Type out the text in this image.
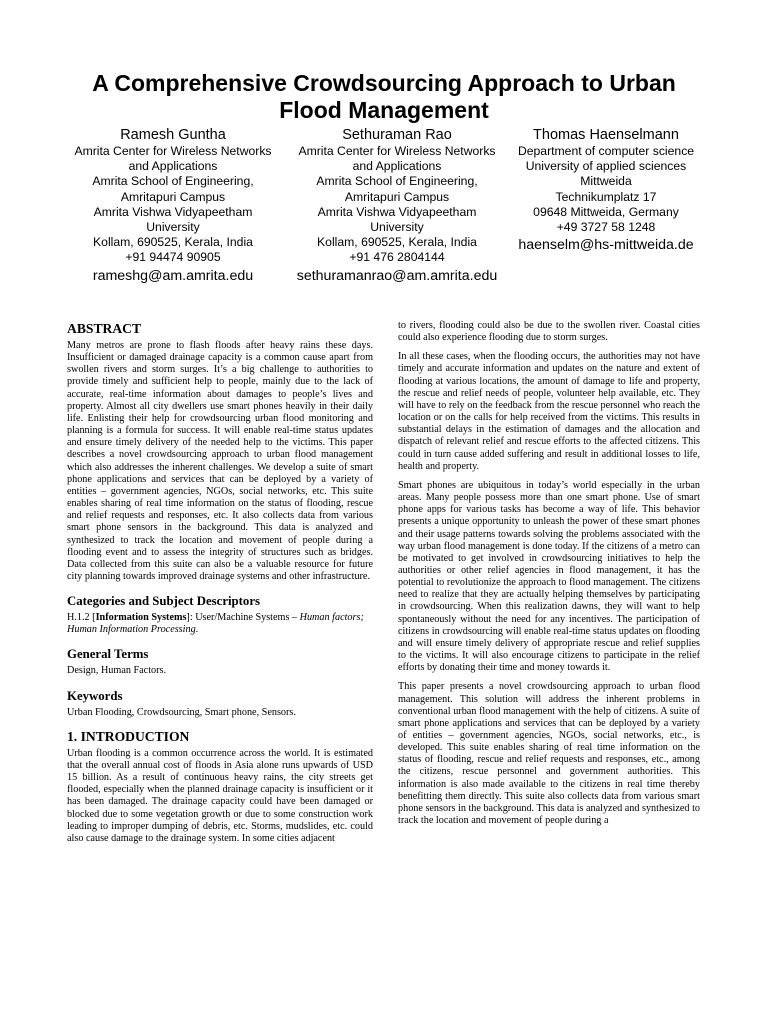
A Comprehensive Crowdsourcing Approach to Urban
Flood Management
Ramesh Guntha
Amrita Center for Wireless Networks
and Applications
Amrita School of Engineering,
Amritapuri Campus
Amrita Vishwa Vidyapeetham
University
Kollam, 690525, Kerala, India
+91 94474 90905
rameshg@am.amrita.edu
Sethuraman Rao
Amrita Center for Wireless Networks
and Applications
Amrita School of Engineering,
Amritapuri Campus
Amrita Vishwa Vidyapeetham
University
Kollam, 690525, Kerala, India
+91 476 2804144
sethuramanrao@am.amrita.edu
Thomas Haenselmann
Department of computer science
University of applied sciences
Mittweida
Technikumplatz 17
09648 Mittweida, Germany
+49 3727 58 1248
haenselm@hs-mittweida.de
ABSTRACT

Many metros are prone to flash floods after heavy rains these days. Insufficient or damaged drainage capacity is a common cause apart from swollen rivers and storm surges. It’s a big challenge to authorities to provide timely and sufficient help to people, mainly due to the lack of accurate, real-time information about damages to people’s lives and property. Almost all city dwellers use smart phones heavily in their daily life. Enlisting their help for crowdsourcing urban flood monitoring and planning is a formula for success. It will enable real-time status updates and ensure timely delivery of the needed help to the victims. This paper describes a novel crowdsourcing approach to urban flood management which also addresses the inherent challenges. We develop a suite of smart phone applications and services that can be deployed by a variety of entities – government agencies, NGOs, social networks, etc. This suite enables sharing of real time information on the status of flooding, rescue and relief requests and responses, etc. It also collects data from various smart phone sensors in the background. This data is analyzed and synthesized to track the location and movement of people during a flooding event and to assess the integrity of structures such as bridges. Data collected from this suite can also be a valuable resource for future city planning towards improved drainage systems and other infrastructure.

Categories and Subject Descriptors

H.1.2 [Information Systems]: User/Machine Systems – Human factors; Human Information Processing.

General Terms

Design, Human Factors.

Keywords

Urban Flooding, Crowdsourcing, Smart phone, Sensors.

1. INTRODUCTION

Urban flooding is a common occurrence across the world. It is estimated that the overall annual cost of floods in Asia alone runs upwards of USD 15 billion. As a result of continuous heavy rains, the city streets get flooded, especially when the planned drainage capacity is insufficient or it has been damaged. The drainage capacity could have been damaged or blocked due to some vegetation growth or due to some construction work leading to improper dumping of debris, etc. Storms, mudslides, etc. could also cause damage to the drainage system. In some cities adjacent

to rivers, flooding could also be due to the swollen river. Coastal cities could also experience flooding due to storm surges.

In all these cases, when the flooding occurs, the authorities may not have timely and accurate information and updates on the nature and extent of flooding at various locations, the amount of damage to life and property, the rescue and relief needs of people, volunteer help available, etc. They will have to rely on the feedback from the rescue personnel who reach the location or on the calls for help received from the victims. This results in substantial delays in the estimation of damages and the allocation and dispatch of relevant relief and rescue efforts to the affected citizens. This could in turn cause added suffering and result in additional losses to life, health and property.

Smart phones are ubiquitous in today’s world especially in the urban areas. Many people possess more than one smart phone. Use of smart phone apps for various tasks has become a way of life. This behavior presents a unique opportunity to unleash the power of these smart phones and their usage patterns towards solving the problems associated with the way urban flood management is done today. If the citizens of a metro can be motivated to get involved in crowdsourcing initiatives to help the authorities or other relief agencies in flood management, it has the potential to revolutionize the approach to flood management. The citizens need to realize that they are actually helping themselves by participating in crowdsourcing. When this realization dawns, they will want to help spontaneously without the need for any incentives. The participation of citizens in crowdsourcing will enable real-time status updates on flooding and will ensure timely delivery of appropriate rescue and relief supplies to the victims. It will also encourage citizens to participate in the relief efforts by donating their time and money towards it.

This paper presents a novel crowdsourcing approach to urban flood management. This solution will address the inherent problems in conventional urban flood management with the help of citizens. A suite of smart phone applications and services that can be deployed by a variety of entities – government agencies, NGOs, social networks, etc., is developed. This suite enables sharing of real time information on the status of flooding, rescue and relief requests and responses, etc., among the citizens, rescue personnel and government authorities. This information is also made available to the citizens in real time thereby benefitting them directly. This suite also collects data from various smart phone sensors in the background. This data is analyzed and synthesized to track the location and movement of people during a
